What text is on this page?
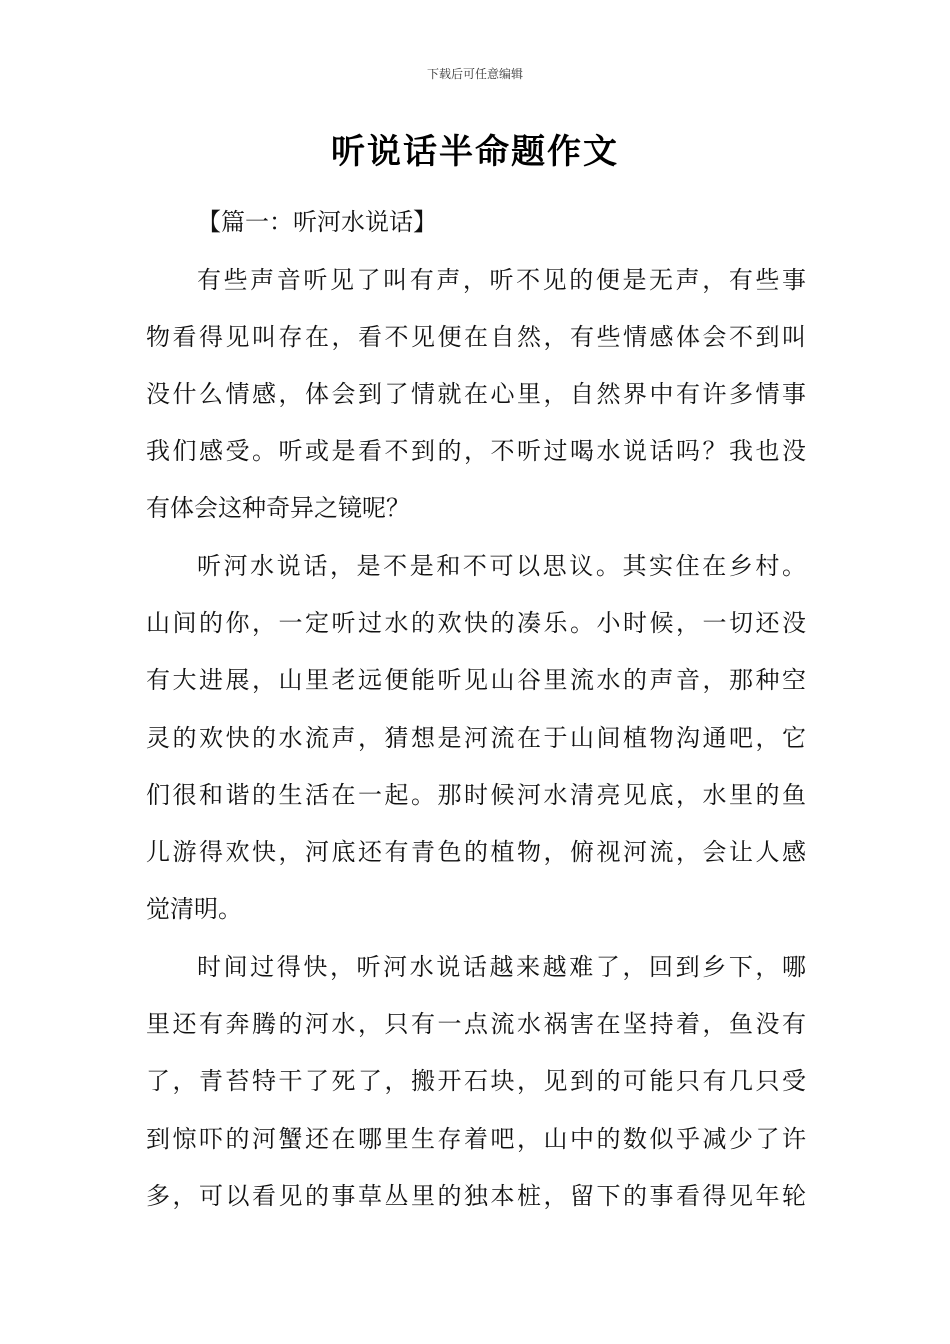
下载后可任意编辑
听说话半命题作文
【篇一：听河水说话】
有些声音听见了叫有声，听不见的便是无声，有些事
物看得见叫存在，看不见便在自然，有些情感体会不到叫
没什么情感，体会到了情就在心里，自然界中有许多情事
我们感受。听或是看不到的，不听过喝水说话吗？我也没
有体会这种奇异之镜呢？
听河水说话，是不是和不可以思议。其实住在乡村。
山间的你，一定听过水的欢快的凑乐。小时候，一切还没
有大进展，山里老远便能听见山谷里流水的声音，那种空
灵的欢快的水流声，猜想是河流在于山间植物沟通吧，它
们很和谐的生活在一起。那时候河水清亮见底，水里的鱼
儿游得欢快，河底还有青色的植物，俯视河流，会让人感
觉清明。
时间过得快，听河水说话越来越难了，回到乡下，哪
里还有奔腾的河水，只有一点流水祸害在坚持着，鱼没有
了，青苔特干了死了，搬开石块，见到的可能只有几只受
到惊吓的河蟹还在哪里生存着吧，山中的数似乎减少了许
多，可以看见的事草丛里的独本桩，留下的事看得见年轮
